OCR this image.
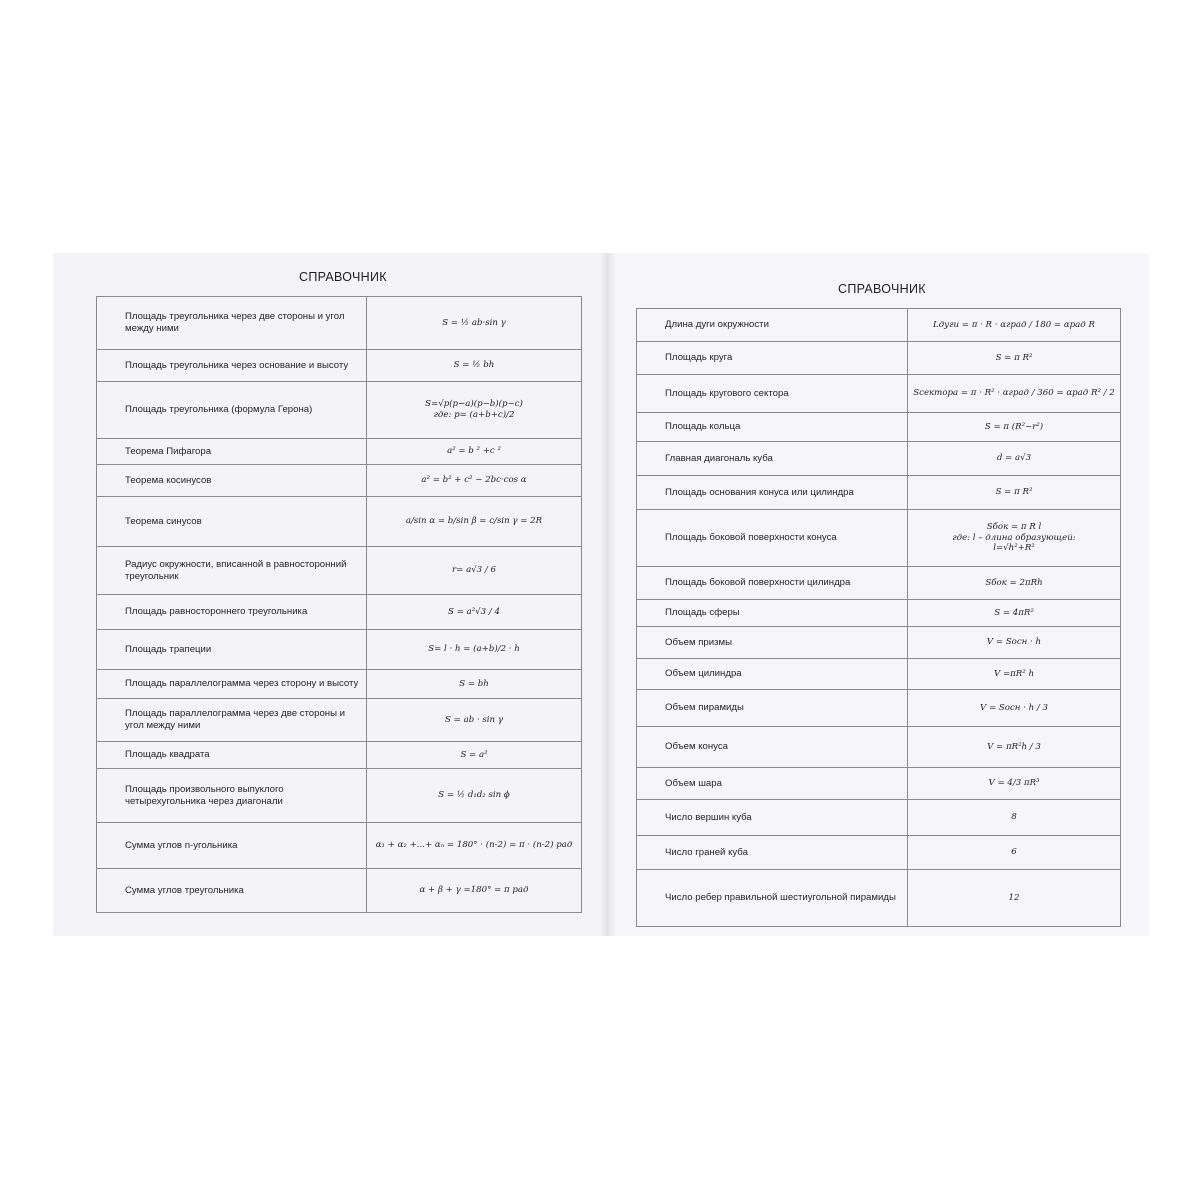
СПРАВОЧНИК
СПРАВОЧНИК
Площадь треугольника через две стороны и угол между ними	S = ½ ab·sin γ

Площадь треугольника через основание и высоту	S = ½ bh

Площадь треугольника (формула Герона)	S=√p(p−a)(p−b)(p−c)
где: p= (a+b+c)/2

Теорема Пифагора	a² = b ² +c ²

Теорема косинусов	a² = b² + c² − 2bc·cos α

Теорема синусов	a/sin α = b/sin β = c/sin γ = 2R

Радиус окружности, вписанной в равносторонний треугольник	r= a√3 / 6

Площадь равностороннего треугольника	S = a²√3 / 4

Площадь трапеции	S= l · h = (a+b)/2 · h

Площадь параллелограмма через сторону и высоту	S = bh

Площадь параллелограмма через две стороны и угол между ними	S = ab · sin γ

Площадь квадрата	S = a²

Площадь произвольного выпуклого четырехугольника через диагонали	S = ½ d₁d₂ sin ϕ

Сумма углов n-угольника	α₁ + α₂ +...+ αₙ = 180° · (n-2) = π · (n-2) рад

Сумма углов треугольника	α + β + γ =180° = π рад
Длина дуги окружности	Lдуги = π · R · αград / 180 = αрад R

Площадь круга	S = π R²

Площадь кругового сектора	Sсектора = π · R² · αград / 360 = αрад R² / 2

Площадь кольца	S = π (R²−r²)

Главная диагональ куба	d = a√3

Площадь основания конуса или цилиндра	S = π R²

Площадь боковой поверхности конуса	Sбок = π R l
где: l – длина образующей:
l=√h²+R²

Площадь боковой поверхности цилиндра	Sбок = 2πRh

Площадь сферы	S = 4πR²

Объем призмы	V = Sосн · h

Объем цилиндра	V =πR² h

Объем пирамиды	V = Sосн · h / 3

Объем конуса	V = πR²h / 3

Объем шара	V = 4/3 πR³

Число вершин куба	8

Число граней куба	6

Число ребер правильной шестиугольной пирамиды	12
